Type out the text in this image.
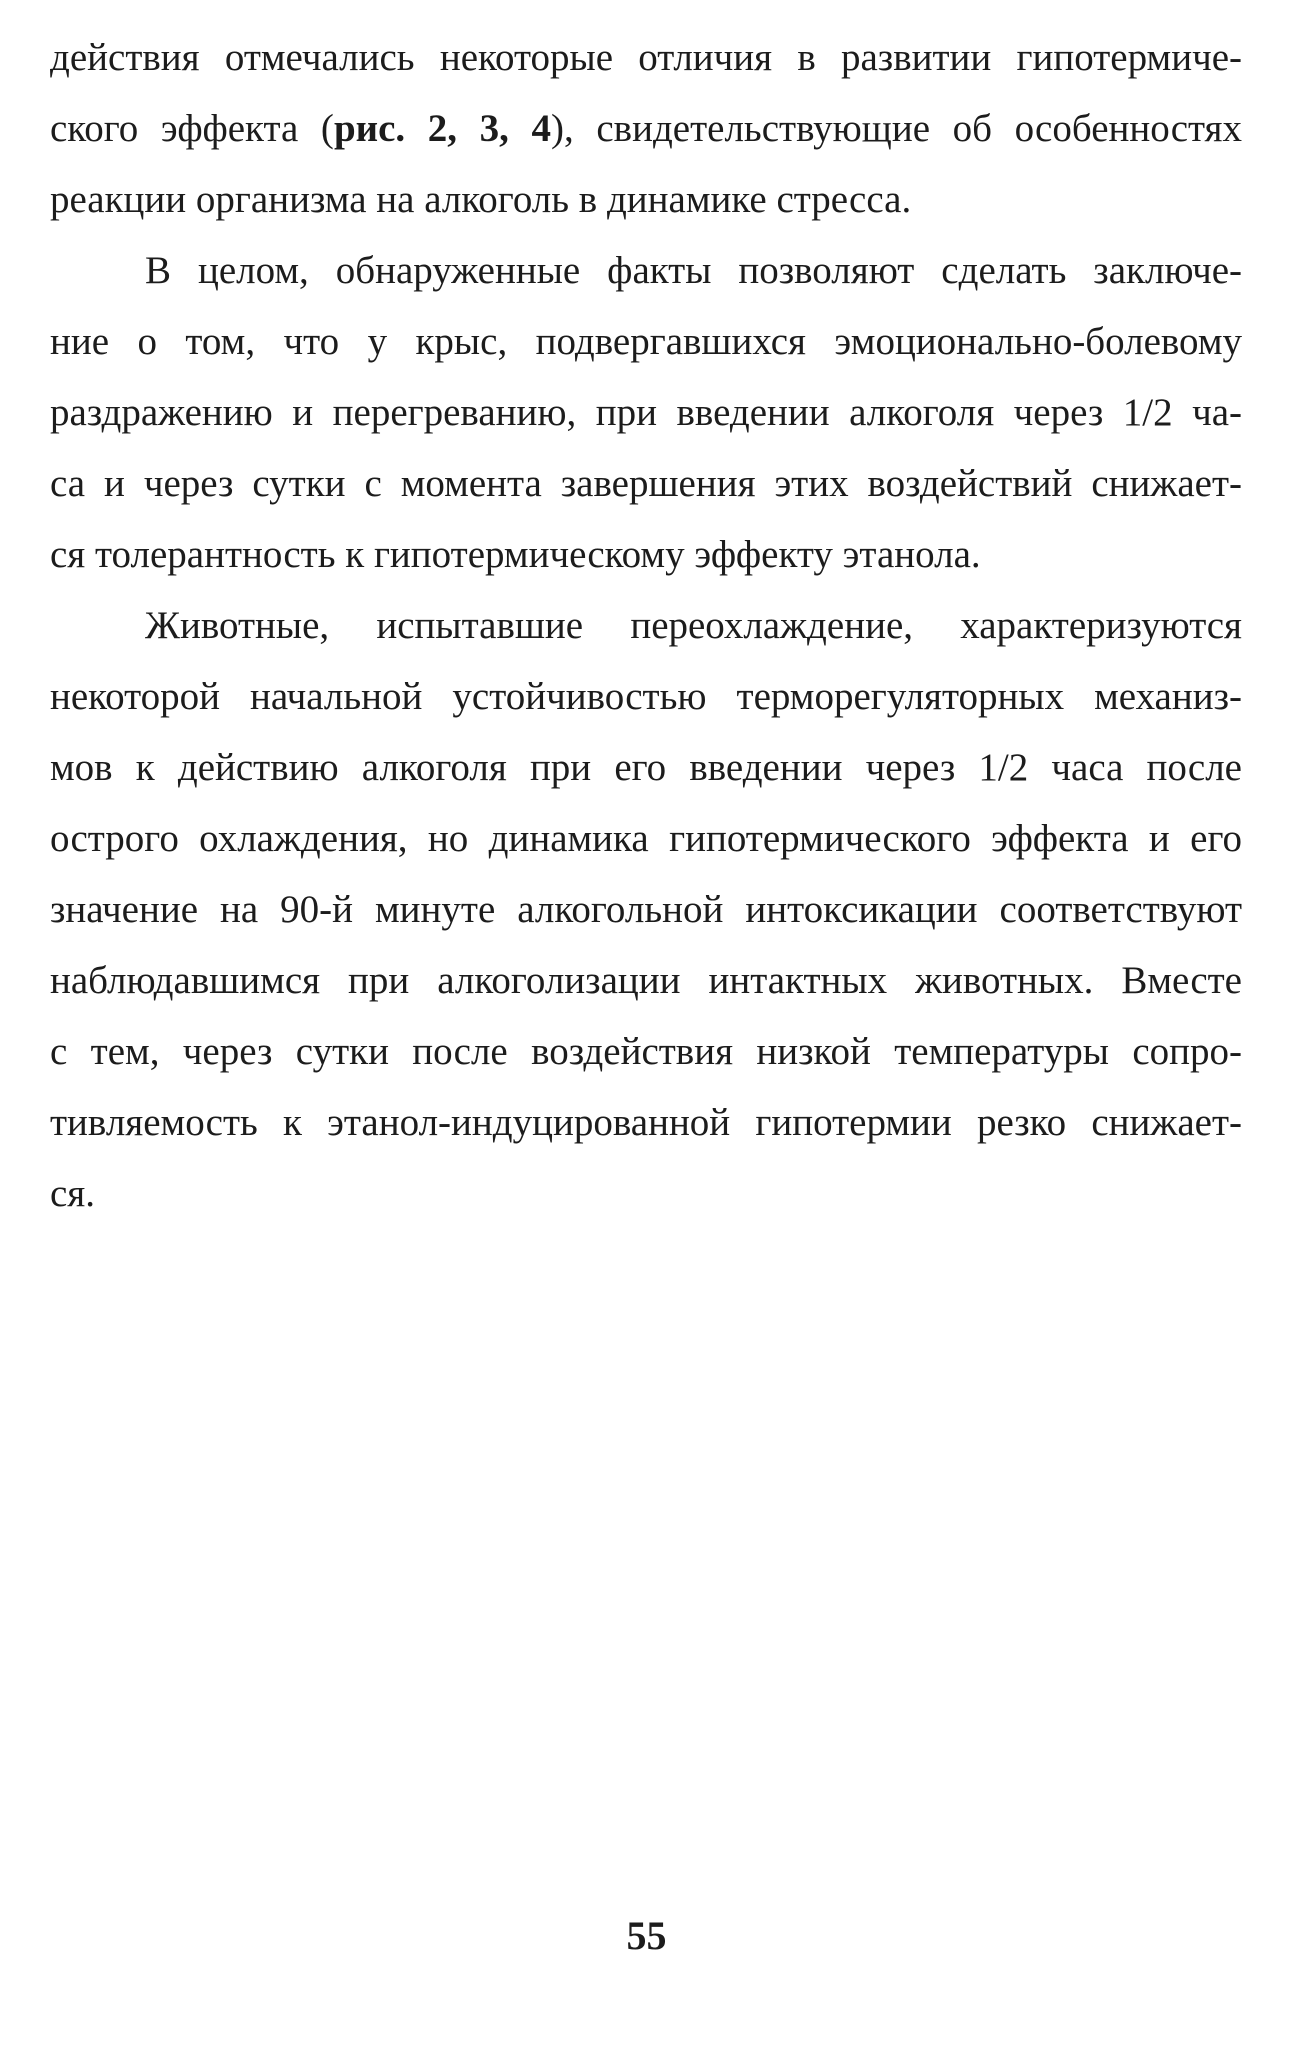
действия отмечались некоторые отличия в развитии гипотермиче-
ского эффекта (рис. 2, 3, 4), свидетельствующие об особенностях
реакции организма на алкоголь в динамике стресса.
В целом, обнаруженные факты позволяют сделать заключе-
ние о том, что у крыс, подвергавшихся эмоционально-болевому
раздражению и перегреванию, при введении алкоголя через 1/2 ча-
са и через сутки с момента завершения этих воздействий снижает-
ся толерантность к гипотермическому эффекту этанола.
Животные, испытавшие переохлаждение, характеризуются
некоторой начальной устойчивостью терморегуляторных механиз-
мов к действию алкоголя при его введении через 1/2 часа после
острого охлаждения, но динамика гипотермического эффекта и его
значение на 90-й минуте алкогольной интоксикации соответствуют
наблюдавшимся при алкоголизации интактных животных. Вместе
с тем, через сутки после воздействия низкой температуры сопро-
тивляемость к этанол-индуцированной гипотермии резко снижает-
ся.
55
